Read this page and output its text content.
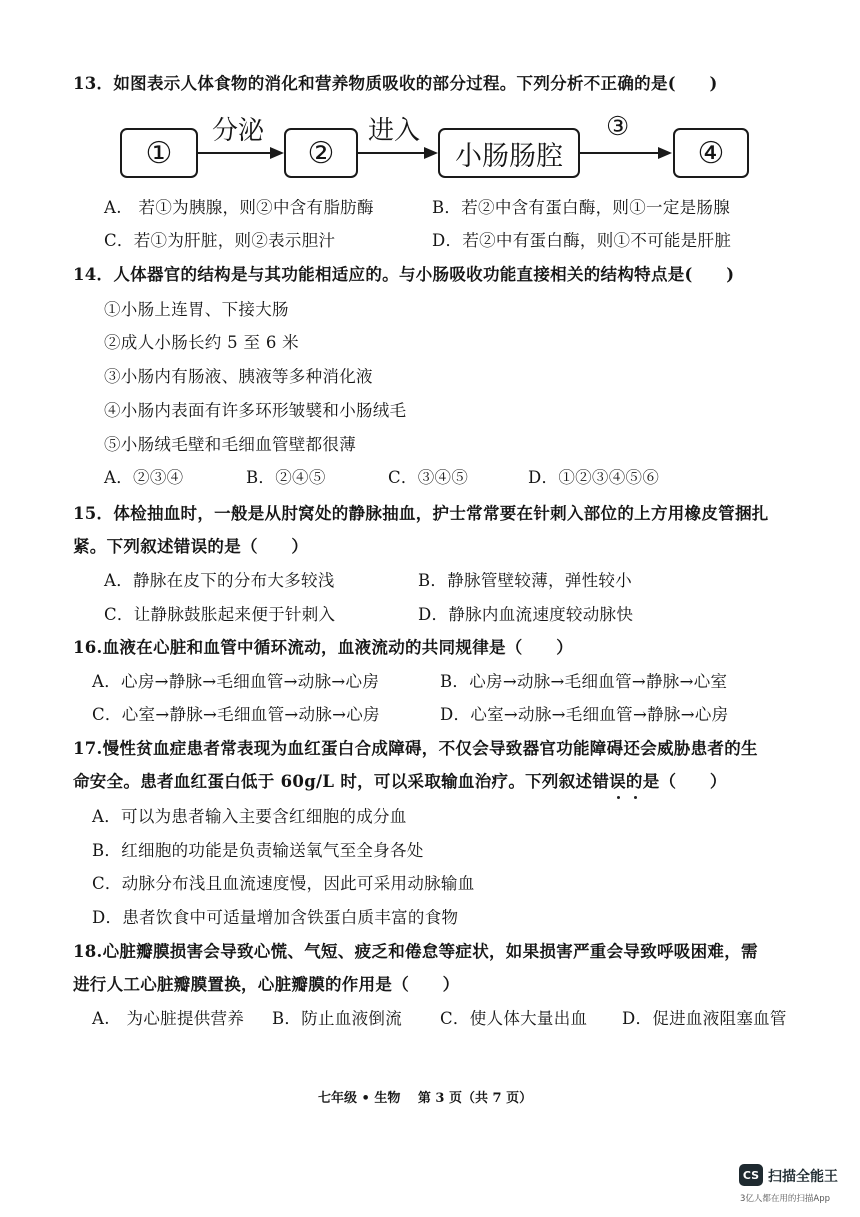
13．如图表示人体食物的消化和营养物质吸收的部分过程。下列分析不正确的是(　　)
①
分泌
②
进入
小肠肠腔
③
④
A.　若①为胰腺，则②中含有脂肪酶	B．若②中含有蛋白酶，则①一定是肠腺
C．若①为肝脏，则②表示胆汁	D．若②中有蛋白酶，则①不可能是肝脏
14．人体器官的结构是与其功能相适应的。与小肠吸收功能直接相关的结构特点是(　　)
①小肠上连胃、下接大肠
②成人小肠长约 5 至 6 米
③小肠内有肠液、胰液等多种消化液
④小肠内表面有许多环形皱襞和小肠绒毛
⑤小肠绒毛壁和毛细血管壁都很薄
A．②③④	B．②④⑤	C．③④⑤	D．①②③④⑤⑥
15．体检抽血时，一般是从肘窝处的静脉抽血，护士常常要在针刺入部位的上方用橡皮管捆扎
紧。下列叙述错误的是（　　）
A．静脉在皮下的分布大多较浅	B．静脉管壁较薄，弹性较小
C．让静脉鼓胀起来便于针刺入	D．静脉内血流速度较动脉快
16.血液在心脏和血管中循环流动，血液流动的共同规律是（　　）
A．心房→静脉→毛细血管→动脉→心房	B．心房→动脉→毛细血管→静脉→心室
C．心室→静脉→毛细血管→动脉→心房	D．心室→动脉→毛细血管→静脉→心房
17.慢性贫血症患者常表现为血红蛋白合成障碍，不仅会导致器官功能障碍还会威胁患者的生
命安全。患者血红蛋白低于 60g/L 时，可以采取输血治疗。下列叙述错误的是（　　）
A．可以为患者输入主要含红细胞的成分血
B．红细胞的功能是负责输送氧气至全身各处
C．动脉分布浅且血流速度慢，因此可采用动脉输血
D．患者饮食中可适量增加含铁蛋白质丰富的食物
18.心脏瓣膜损害会导致心慌、气短、疲乏和倦怠等症状，如果损害严重会导致呼吸困难，需
进行人工心脏瓣膜置换，心脏瓣膜的作用是（　　）
A.　为心脏提供营养 B．防止血液倒流 C．使人体大量出血 D．促进血液阻塞血管
七年级 • 生物　 第 3 页（共 7 页）
CS 扫描全能王
3亿人都在用的扫描App
